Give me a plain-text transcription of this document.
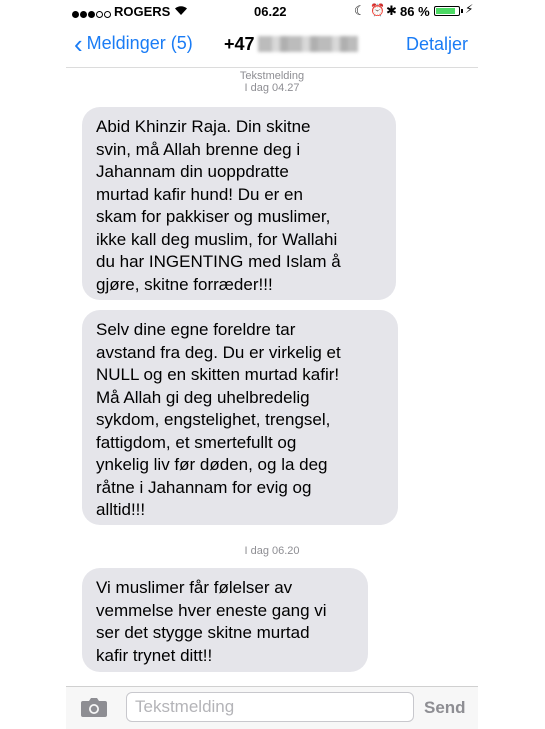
ROGERS	06.22	☾ ⏰ ✱ 86 %	⚡
‹ Meldinger (5) +47	Detaljer
Tekstmelding
I dag 04.27
Abid Khinzir Raja. Din skitne
svin, må Allah brenne deg i
Jahannam din uoppdratte
murtad kafir hund! Du er en
skam for pakkiser og muslimer,
ikke kall deg muslim, for Wallahi
du har INGENTING med Islam å
gjøre, skitne forræder!!!
Selv dine egne foreldre tar
avstand fra deg. Du er virkelig et
NULL og en skitten murtad kafir!
Må Allah gi deg uhelbredelig
sykdom, engstelighet, trengsel,
fattigdom, et smertefullt og
ynkelig liv før døden, og la deg
råtne i Jahannam for evig og
alltid!!!
I dag 06.20
Vi muslimer får følelser av
vemmelse hver eneste gang vi
ser det stygge skitne murtad
kafir trynet ditt!!
Tekstmelding
Send
